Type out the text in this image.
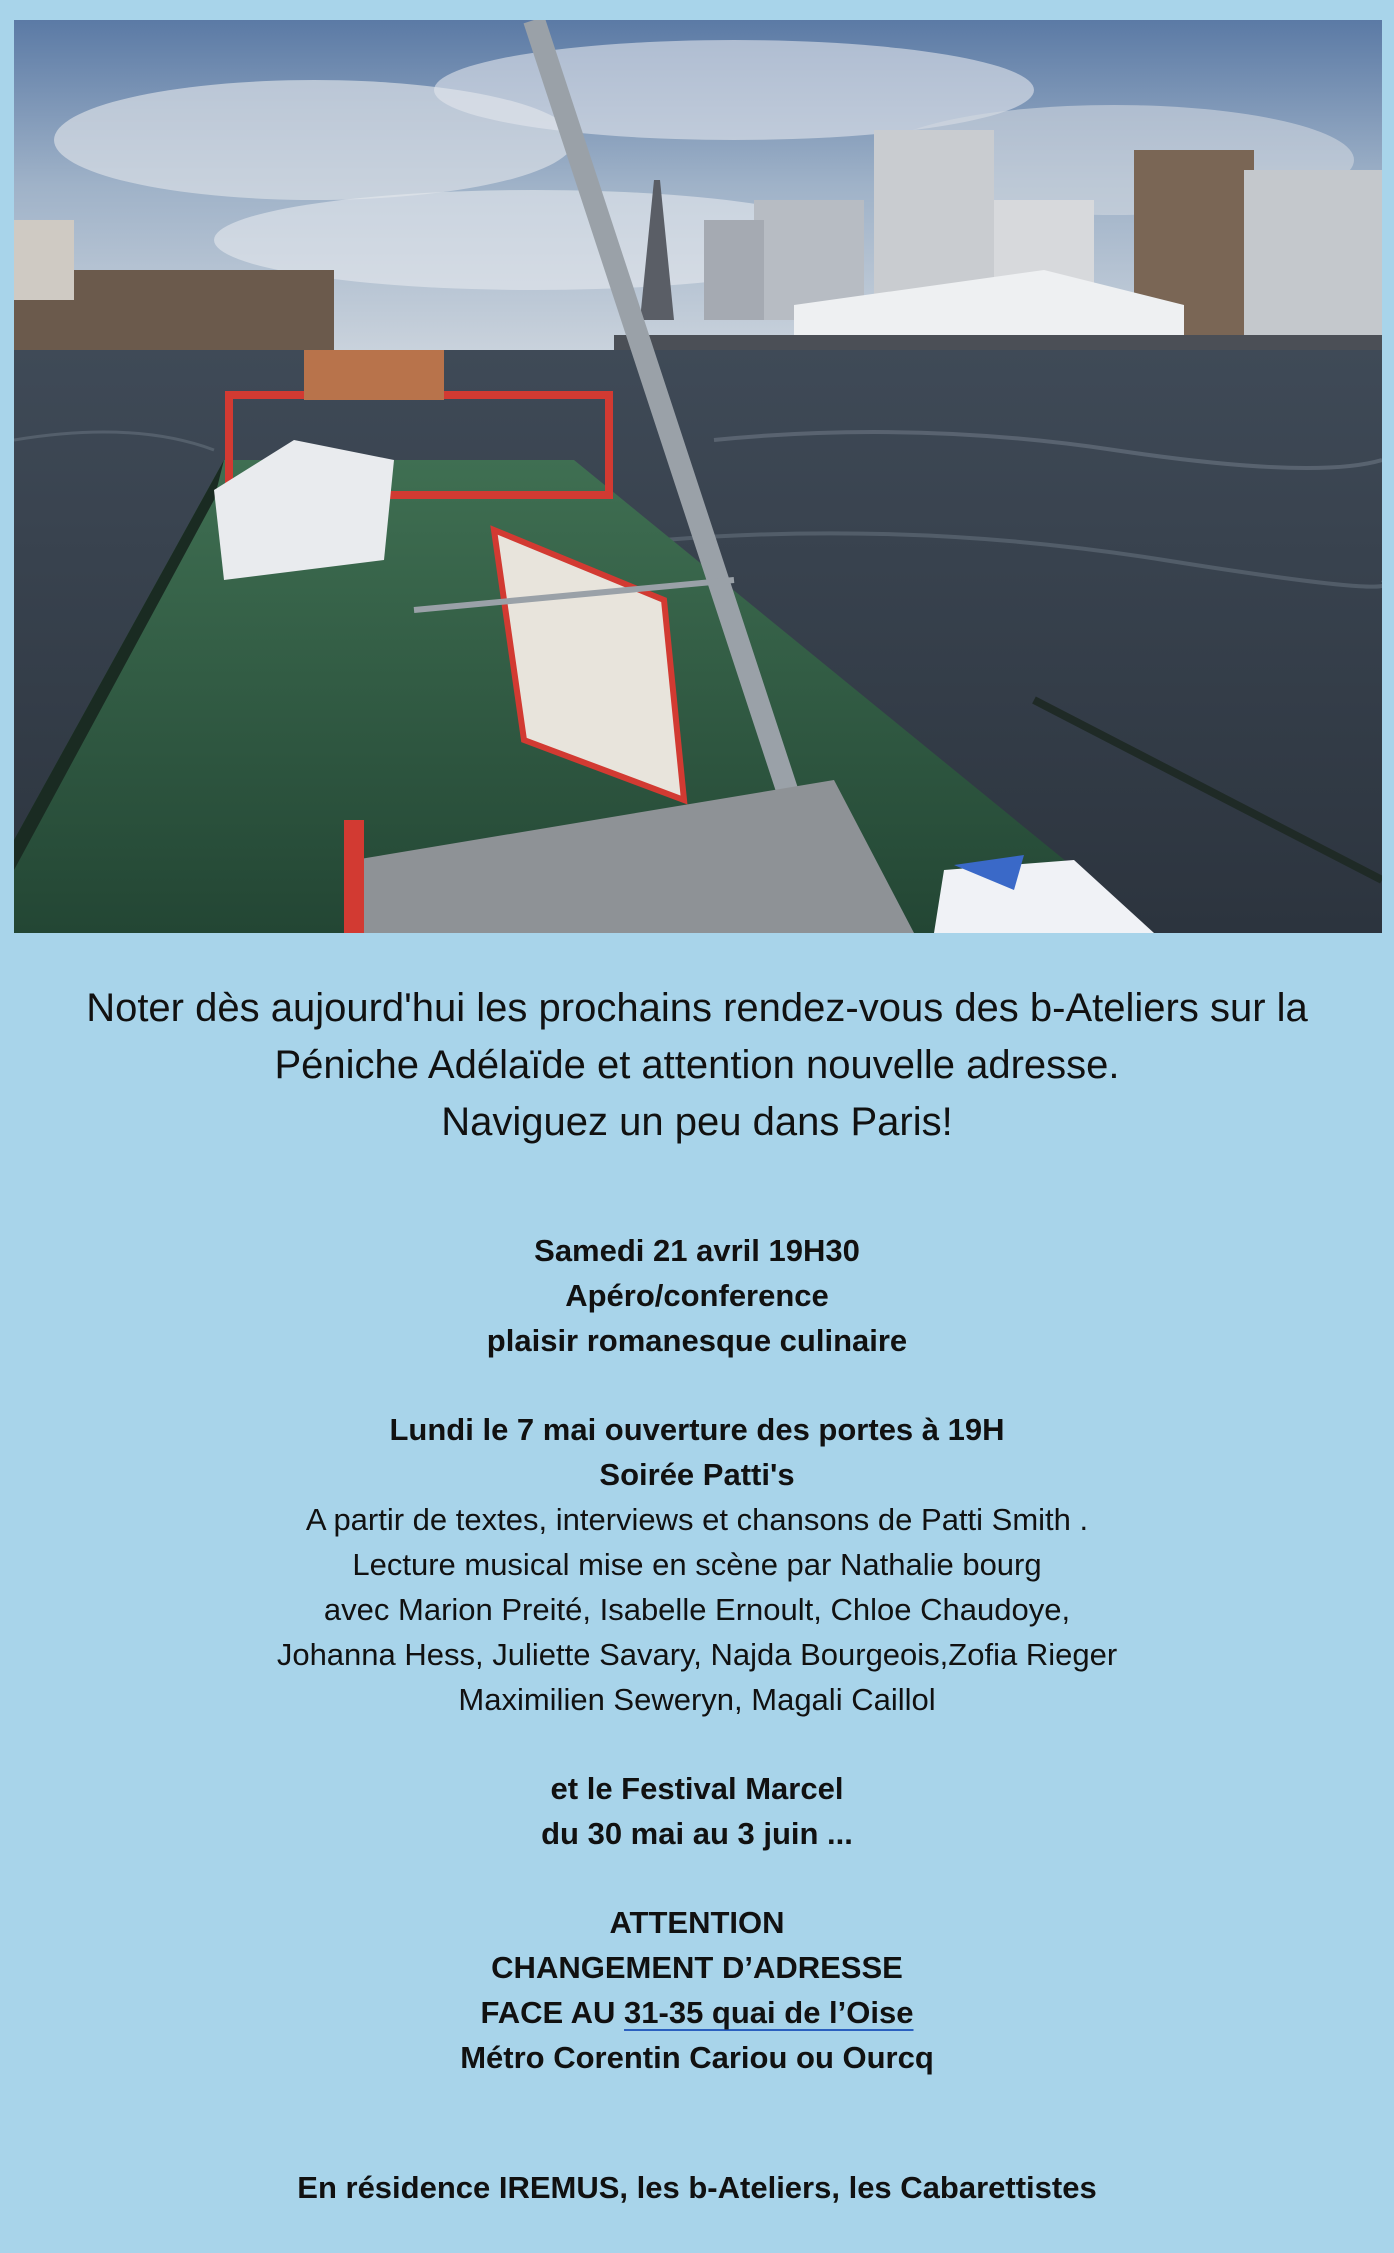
Noter dès aujourd'hui les prochains rendez-vous des b-Ateliers sur la

Péniche Adélaïde et attention nouvelle adresse.

Naviguez un peu dans Paris!

Samedi 21 avril 19H30

Apéro/conference

plaisir romanesque culinaire

Lundi le 7 mai ouverture des portes à 19H

Soirée Patti's

A partir de textes, interviews et chansons de Patti Smith .

Lecture musical mise en scène par Nathalie bourg

avec Marion Preité, Isabelle Ernoult, Chloe Chaudoye,

Johanna Hess, Juliette Savary, Najda Bourgeois,Zofia Rieger

Maximilien Seweryn, Magali Caillol

et le Festival Marcel

du 30 mai au 3 juin ...

ATTENTION

CHANGEMENT D’ADRESSE

FACE AU 31-35 quai de l’Oise

Métro Corentin Cariou ou Ourcq

En résidence IREMUS, les b-Ateliers, les Cabarettistes
